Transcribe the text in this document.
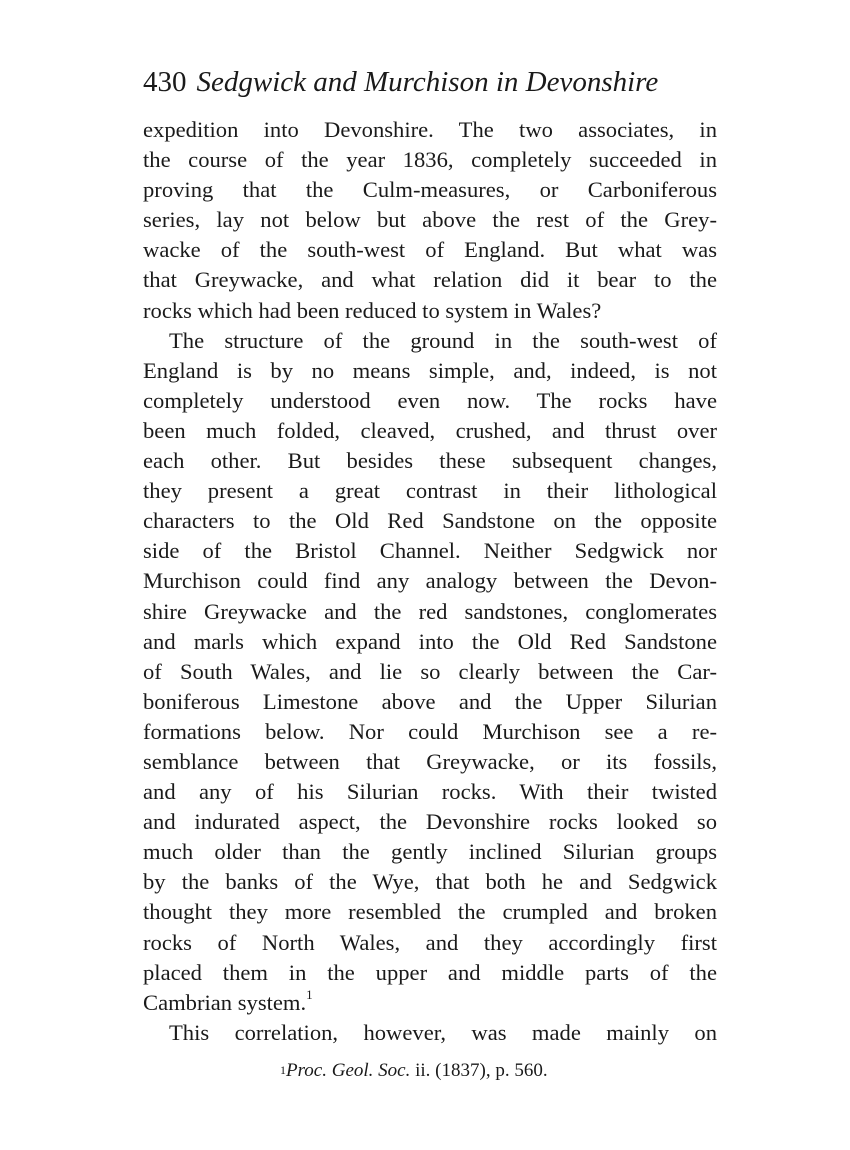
430 Sedgwick and Murchison in Devonshire
expedition into Devonshire. The two associates, in
the course of the year 1836, completely succeeded in
proving that the Culm-measures, or Carboniferous
series, lay not below but above the rest of the Grey-
wacke of the south-west of England. But what was
that Greywacke, and what relation did it bear to the
rocks which had been reduced to system in Wales?
The structure of the ground in the south-west of
England is by no means simple, and, indeed, is not
completely understood even now. The rocks have
been much folded, cleaved, crushed, and thrust over
each other. But besides these subsequent changes,
they present a great contrast in their lithological
characters to the Old Red Sandstone on the opposite
side of the Bristol Channel. Neither Sedgwick nor
Murchison could find any analogy between the Devon-
shire Greywacke and the red sandstones, conglomerates
and marls which expand into the Old Red Sandstone
of South Wales, and lie so clearly between the Car-
boniferous Limestone above and the Upper Silurian
formations below. Nor could Murchison see a re-
semblance between that Greywacke, or its fossils,
and any of his Silurian rocks. With their twisted
and indurated aspect, the Devonshire rocks looked so
much older than the gently inclined Silurian groups
by the banks of the Wye, that both he and Sedgwick
thought they more resembled the crumpled and broken
rocks of North Wales, and they accordingly first
placed them in the upper and middle parts of the
Cambrian system.$^1$
This correlation, however, was made mainly on
$^1$Proc. Geol. Soc. ii. (1837), p. 560.
